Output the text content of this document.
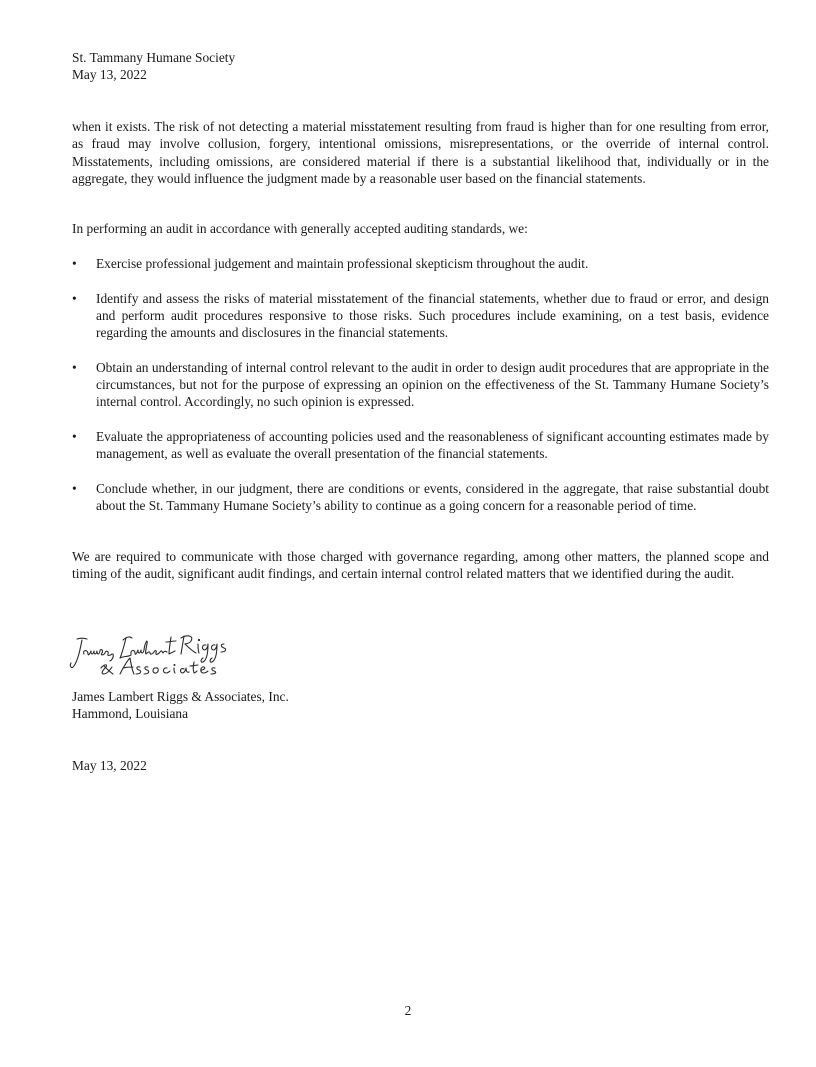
St. Tammany Humane Society
May 13, 2022
when it exists. The risk of not detecting a material misstatement resulting from fraud is higher than for one resulting from error, as fraud may involve collusion, forgery, intentional omissions, misrepresentations, or the override of internal control. Misstatements, including omissions, are considered material if there is a substantial likelihood that, individually or in the aggregate, they would influence the judgment made by a reasonable user based on the financial statements.
In performing an audit in accordance with generally accepted auditing standards, we:
•	Exercise professional judgement and maintain professional skepticism throughout the audit.
•	Identify and assess the risks of material misstatement of the financial statements, whether due to fraud or error, and design and perform audit procedures responsive to those risks. Such procedures include examining, on a test basis, evidence regarding the amounts and disclosures in the financial statements.
•	Obtain an understanding of internal control relevant to the audit in order to design audit procedures that are appropriate in the circumstances, but not for the purpose of expressing an opinion on the effectiveness of the St. Tammany Humane Society’s internal control. Accordingly, no such opinion is expressed.
•	Evaluate the appropriateness of accounting policies used and the reasonableness of significant accounting estimates made by management, as well as evaluate the overall presentation of the financial statements.
•	Conclude whether, in our judgment, there are conditions or events, considered in the aggregate, that raise substantial doubt about the St. Tammany Humane Society’s ability to continue as a going concern for a reasonable period of time.
We are required to communicate with those charged with governance regarding, among other matters, the planned scope and timing of the audit, significant audit findings, and certain internal control related matters that we identified during the audit.
James Lambert Riggs & Associates, Inc.
Hammond, Louisiana
May 13, 2022
2
